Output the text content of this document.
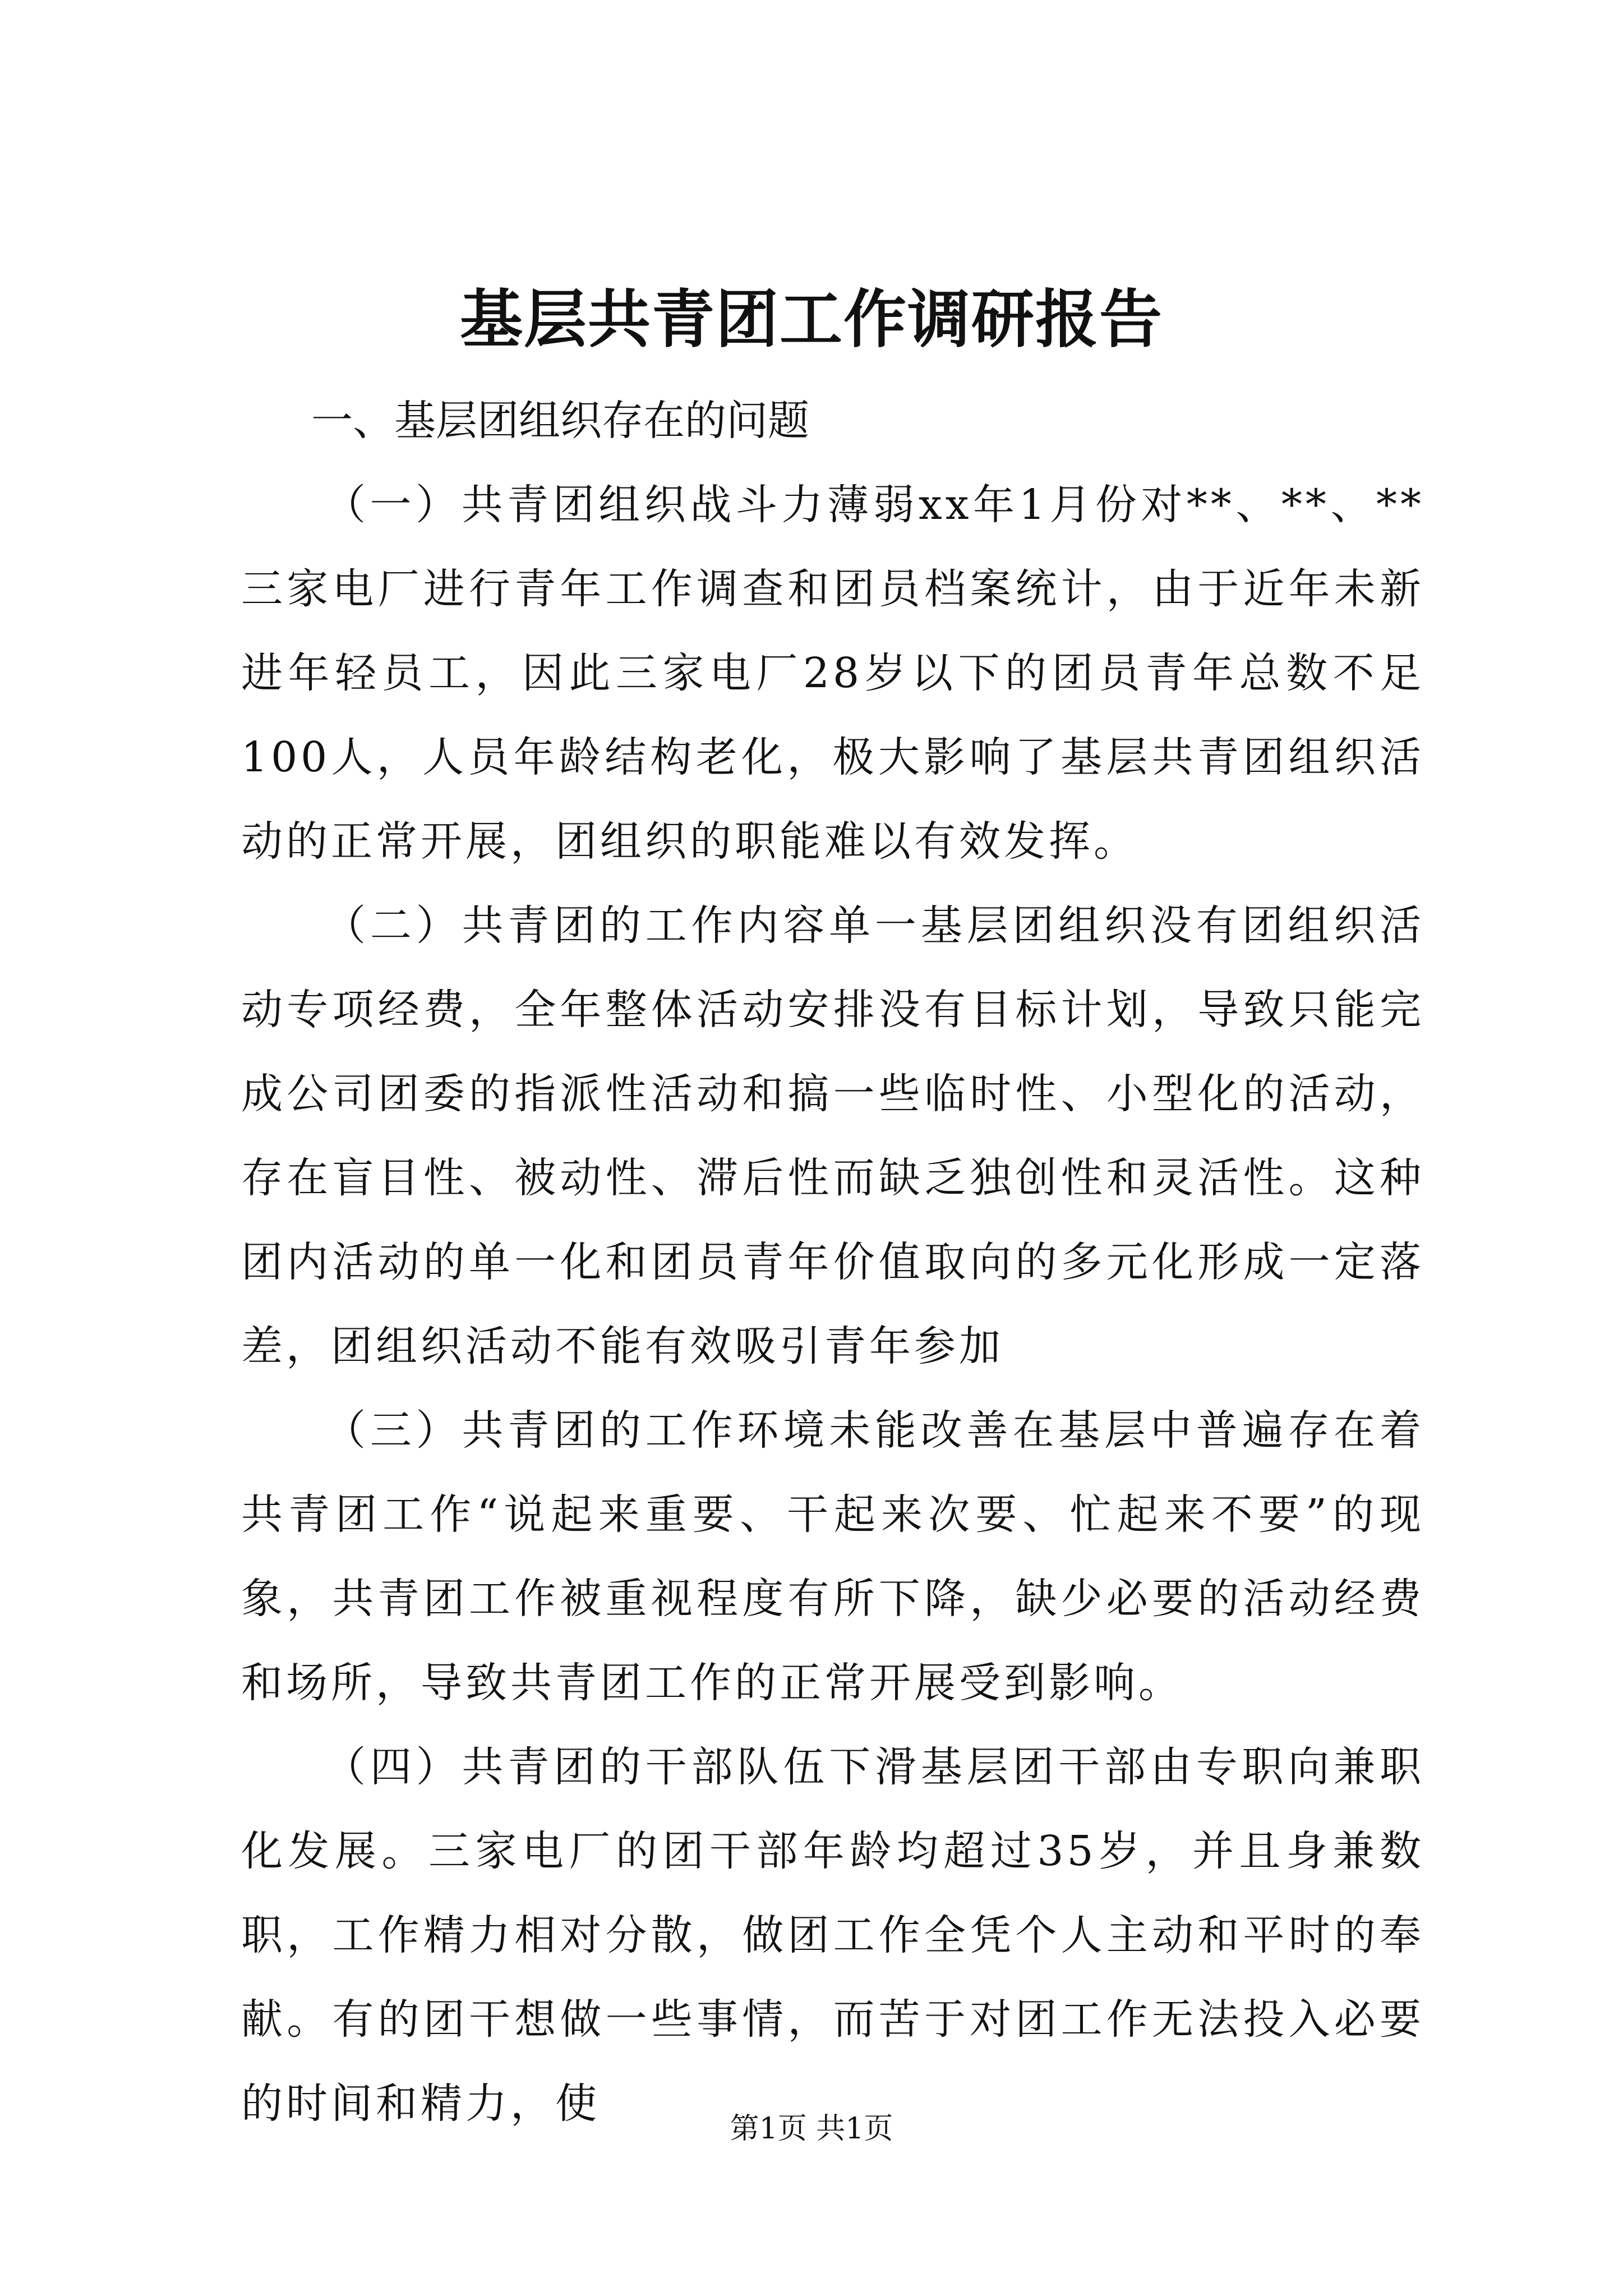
基层共青团工作调研报告

一、基层团组织存在的问题

（一）共青团组织战斗力薄弱xx年1月份对**、**、**三家电厂进行青年工作调查和团员档案统计，由于近年未新进年轻员工，因此三家电厂28岁以下的团员青年总数不足100人，人员年龄结构老化，极大影响了基层共青团组织活动的正常开展，团组织的职能难以有效发挥。

（二）共青团的工作内容单一基层团组织没有团组织活动专项经费，全年整体活动安排没有目标计划，导致只能完成公司团委的指派性活动和搞一些临时性、小型化的活动，存在盲目性、被动性、滞后性而缺乏独创性和灵活性。这种团内活动的单一化和团员青年价值取向的多元化形成一定落差，团组织活动不能有效吸引青年参加

（三）共青团的工作环境未能改善在基层中普遍存在着共青团工作“说起来重要、干起来次要、忙起来不要”的现象，共青团工作被重视程度有所下降，缺少必要的活动经费和场所，导致共青团工作的正常开展受到影响。

（四）共青团的干部队伍下滑基层团干部由专职向兼职化发展。三家电厂的团干部年龄均超过35岁，并且身兼数职，工作精力相对分散，做团工作全凭个人主动和平时的奉献。有的团干想做一些事情，而苦于对团工作无法投入必要的时间和精力，使

第1页 共1页
